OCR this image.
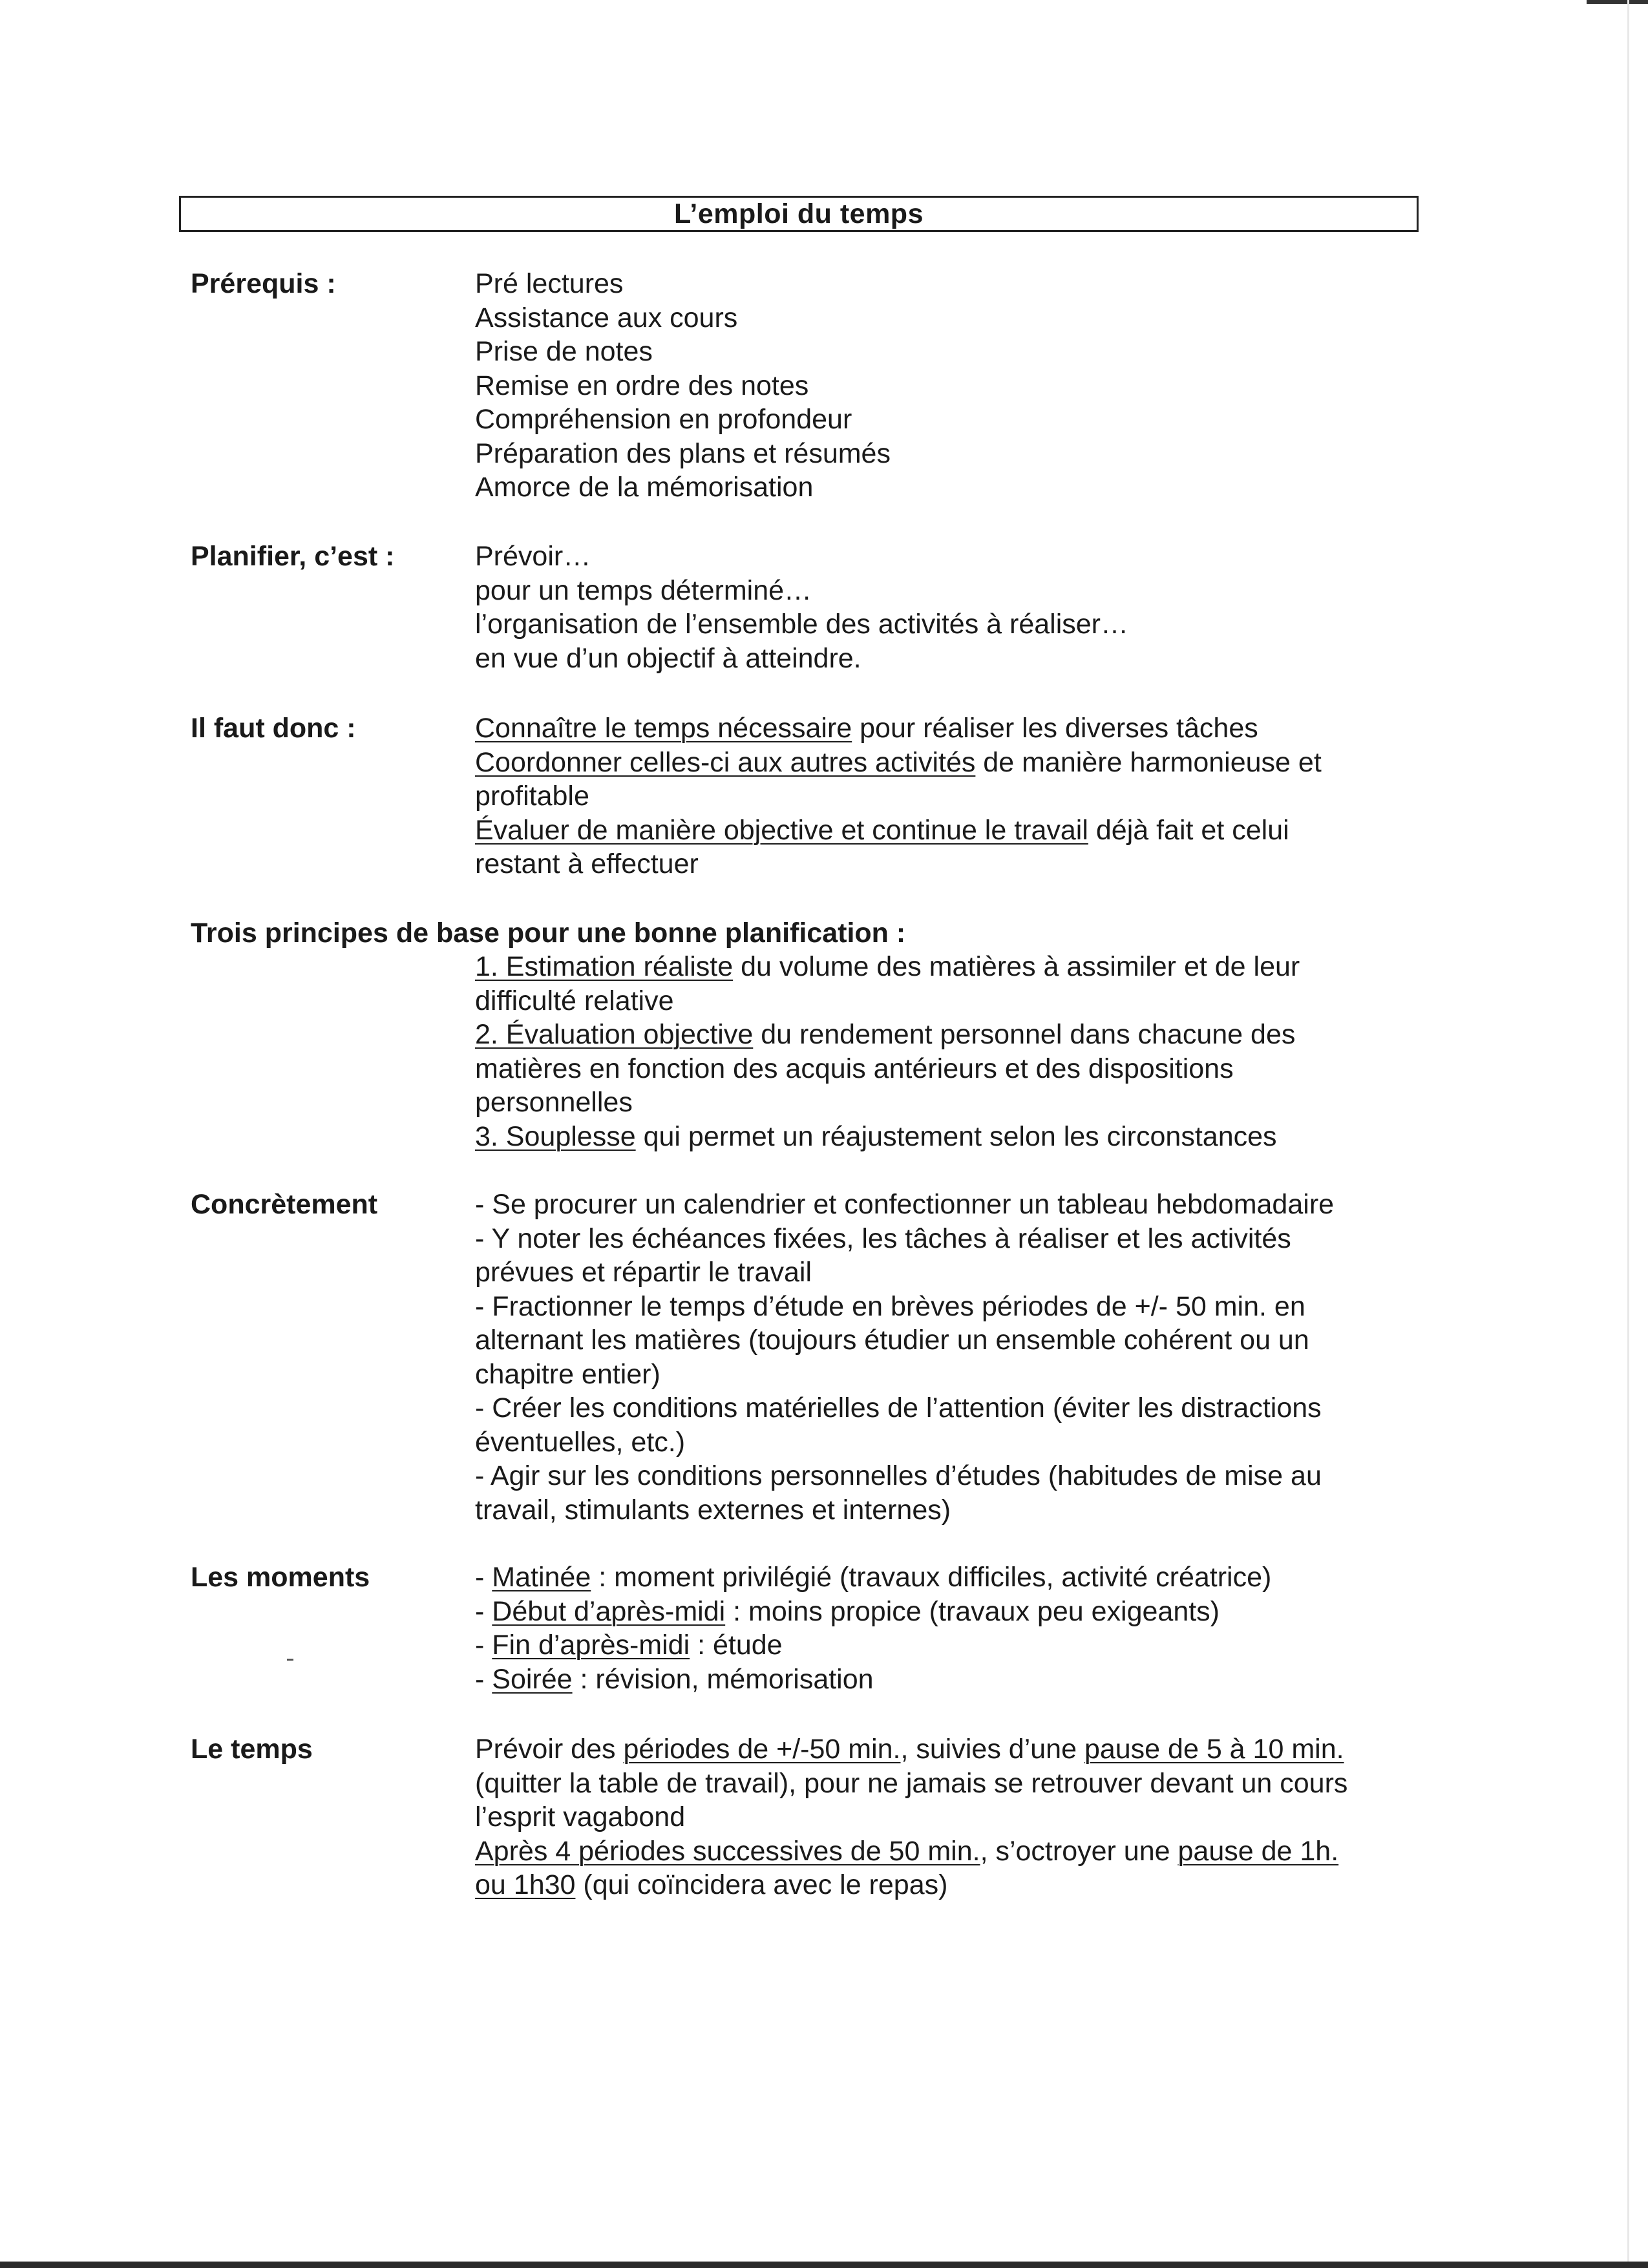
L’emploi du temps
Prérequis :	Pré lectures
Assistance aux cours
Prise de notes
Remise en ordre des notes
Compréhension en profondeur
Préparation des plans et résumés
Amorce de la mémorisation
Planifier, c’est :	Prévoir…
pour un temps déterminé…
l’organisation de l’ensemble des activités à réaliser…
en vue d’un objectif à atteindre.
Il faut donc :	Connaître le temps nécessaire pour réaliser les diverses tâches
Coordonner celles-ci aux autres activités de manière harmonieuse et
profitable
Évaluer de manière objective et continue le travail déjà fait et celui
restant à effectuer
Trois principes de base pour une bonne planification :
1. Estimation réaliste du volume des matières à assimiler et de leur
difficulté relative
2. Évaluation objective du rendement personnel dans chacune des
matières en fonction des acquis antérieurs et des dispositions
personnelles
3. Souplesse qui permet un réajustement selon les circonstances
Concrètement	- Se procurer un calendrier et confectionner un tableau hebdomadaire
- Y noter les échéances fixées, les tâches à réaliser et les activités
prévues et répartir le travail
- Fractionner le temps d’étude en brèves périodes de +/- 50 min. en
alternant les matières (toujours étudier un ensemble cohérent ou un
chapitre entier)
- Créer les conditions matérielles de l’attention (éviter les distractions
éventuelles, etc.)
- Agir sur les conditions personnelles d’études (habitudes de mise au
travail, stimulants externes et internes)
Les moments	- Matinée : moment privilégié (travaux difficiles, activité créatrice)
- Début d’après-midi : moins propice (travaux peu exigeants)
- Fin d’après-midi : étude
- Soirée : révision, mémorisation
Le temps	Prévoir des périodes de +/-50 min., suivies d’une pause de 5 à 10 min.
(quitter la table de travail), pour ne jamais se retrouver devant un cours
l’esprit vagabond
Après 4 périodes successives de 50 min., s’octroyer une pause de 1h.
ou 1h30 (qui coïncidera avec le repas)
